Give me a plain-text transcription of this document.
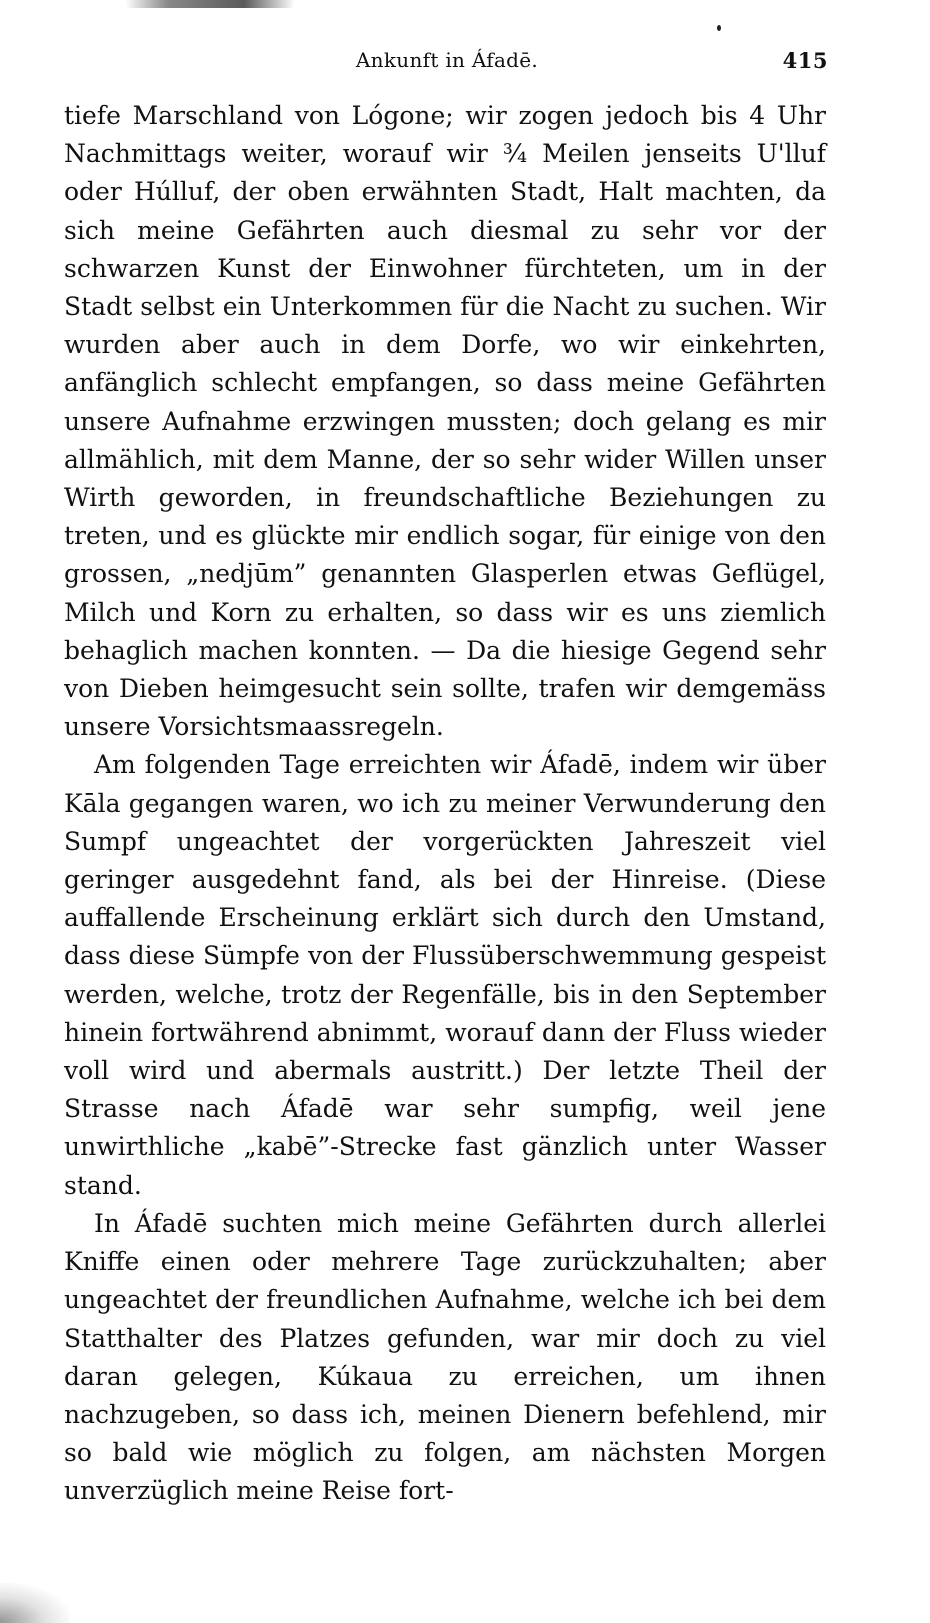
Ankunft in Áfadē.	415

tiefe Marschland von Lógone; wir zogen jedoch bis 4 Uhr Nachmittags weiter, worauf wir ¾ Meilen jenseits U'lluf oder Húlluf, der oben erwähnten Stadt, Halt machten, da sich meine Gefährten auch diesmal zu sehr vor der schwarzen Kunst der Einwohner fürchteten, um in der Stadt selbst ein Unterkommen für die Nacht zu suchen. Wir wurden aber auch in dem Dorfe, wo wir einkehrten, anfänglich schlecht empfangen, so dass meine Gefährten unsere Aufnahme erzwingen mussten; doch gelang es mir allmählich, mit dem Manne, der so sehr wider Willen unser Wirth geworden, in freundschaftliche Beziehungen zu treten, und es glückte mir endlich sogar, für einige von den grossen, „nedjūm” genannten Glasperlen etwas Geflügel, Milch und Korn zu erhalten, so dass wir es uns ziemlich behaglich machen konnten. — Da die hiesige Gegend sehr von Dieben heimgesucht sein sollte, trafen wir demgemäss unsere Vorsichtsmaassregeln.

Am folgenden Tage erreichten wir Áfadē, indem wir über Kāla gegangen waren, wo ich zu meiner Verwunderung den Sumpf ungeachtet der vorgerückten Jahreszeit viel geringer ausgedehnt fand, als bei der Hinreise. (Diese auffallende Erscheinung erklärt sich durch den Umstand, dass diese Sümpfe von der Flussüberschwemmung gespeist werden, welche, trotz der Regenfälle, bis in den September hinein fortwährend abnimmt, worauf dann der Fluss wieder voll wird und abermals austritt.) Der letzte Theil der Strasse nach Áfadē war sehr sumpfig, weil jene unwirthliche „kabē”-Strecke fast gänzlich unter Wasser stand.

In Áfadē suchten mich meine Gefährten durch allerlei Kniffe einen oder mehrere Tage zurückzuhalten; aber ungeachtet der freundlichen Aufnahme, welche ich bei dem Statthalter des Platzes gefunden, war mir doch zu viel daran gelegen, Kúkaua zu erreichen, um ihnen nachzugeben, so dass ich, meinen Dienern befehlend, mir so bald wie möglich zu folgen, am nächsten Morgen unverzüglich meine Reise fort-
